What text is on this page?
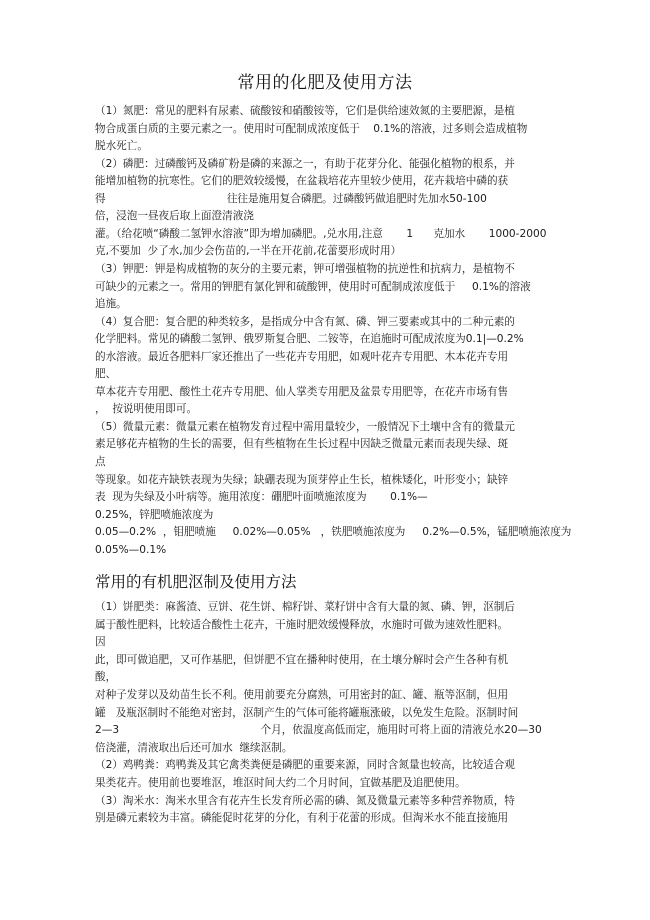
常用的化肥及使用方法
（1）氮肥：常见的肥料有尿素、硫酸铵和硝酸铵等，它们是供给速效氮的主要肥源，是植
物合成蛋白质的主要元素之一。使用时可配制成浓度低于    0.1%的溶液，过多则会造成植物
脱水死亡。
（2）磷肥：过磷酸钙及磷矿粉是磷的来源之一，有助于花芽分化、能强化植物的根系，并
能增加植物的抗寒性。它们的肥效较缓慢，在盆栽培花卉里较少使用，花卉栽培中磷的获
得                                    往往是施用复合磷肥。过磷酸钙做追肥时先加水50-100
倍，浸泡一昼夜后取上面澄清液浇
灌。（给花喷“磷酸二氢钾水溶液”即为增加磷肥。,兑水用,注意       1      克加水       1000-2000
克,不要加  少了水,加少会伤苗的,一半在开花前,花蕾要形成时用）
（3）钾肥：钾是构成植物的灰分的主要元素，钾可增强植物的抗逆性和抗病力，是植物不
可缺少的元素之一。常用的钾肥有氯化钾和硫酸钾，使用时可配制成浓度低于     0.1%的溶液
追施。
（4）复合肥：复合肥的种类较多，是指成分中含有氮、磷、钾三要素或其中的二种元素的
化学肥料。常见的磷酸二氢钾、俄罗斯复合肥、二铵等，在追施时可配成浓度为0.1|—0.2%
的水溶液。最近各肥料厂家还推出了一些花卉专用肥，如观叶花卉专用肥、木本花卉专用
肥、
草本花卉专用肥、酸性土花卉专用肥、仙人掌类专用肥及盆景专用肥等，在花卉市场有售
，  按说明使用即可。
（5）微量元素：微量元素在植物发育过程中需用量较少，一般情况下土壤中含有的微量元
素足够花卉植物的生长的需要，但有些植物在生长过程中因缺乏微量元素而表现失绿、斑
点
等现象。如花卉缺铁表现为失绿；缺硼表现为顶芽停止生长，植株矮化，叶形变小；缺锌
表  现为失绿及小叶病等。施用浓度：硼肥叶面喷施浓度为       0.1%—
0.25%，锌肥喷施浓度为
0.05—0.2%  ，钼肥喷施     0.02%—0.05%   ，铁肥喷施浓度为     0.2%—0.5%，锰肥喷施浓度为
0.05%—0.1%
常用的有机肥沤制及使用方法
（1）饼肥类：麻酱渣、豆饼、花生饼、棉籽饼、菜籽饼中含有大量的氮、磷、钾，沤制后
属于酸性肥料，比较适合酸性土花卉，干施时肥效缓慢释放，水施时可做为速效性肥料。
因
此，即可做追肥，又可作基肥，但饼肥不宜在播种时使用，在土壤分解时会产生各种有机
酸，
对种子发芽以及幼苗生长不利。使用前要充分腐熟，可用密封的缸、罐、瓶等沤制，但用
罐   及瓶沤制时不能绝对密封，沤制产生的气体可能将罐瓶涨破，以免发生危险。沤制时间
2—3                                          个月，依温度高低而定，施用时可将上面的清液兑水20—30
倍浇灌，清液取出后还可加水  继续沤制。
（2）鸡鸭粪：鸡鸭粪及其它禽类粪便是磷肥的重要来源，同时含氮量也较高，比较适合观
果类花卉。使用前也要堆沤，堆沤时间大约二个月时间，宜做基肥及追肥使用。
（3）淘米水：淘米水里含有花卉生长发育所必需的磷、氮及微量元素等多种营养物质，特
别是磷元素较为丰富。磷能促时花芽的分化，有利于花蕾的形成。但淘米水不能直接施用
